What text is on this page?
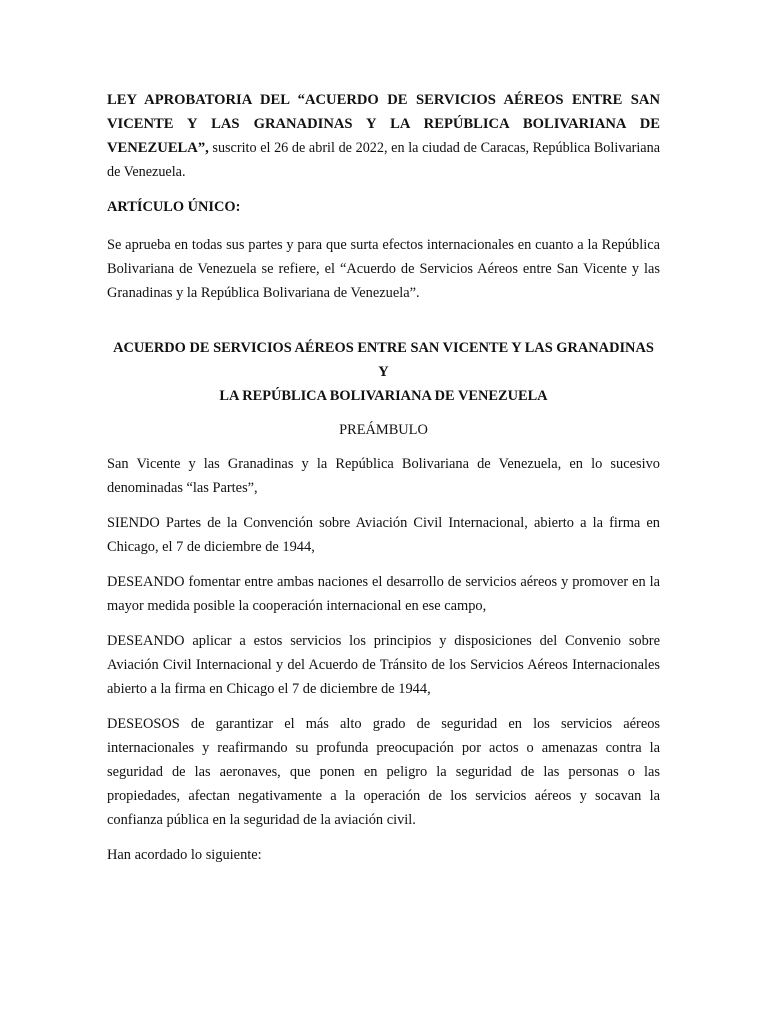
LEY APROBATORIA DEL “ACUERDO DE SERVICIOS AÉREOS ENTRE SAN VICENTE Y LAS GRANADINAS Y LA REPÚBLICA BOLIVARIANA DE VENEZUELA”, suscrito el 26 de abril de 2022, en la ciudad de Caracas, República Bolivariana de Venezuela.

ARTÍCULO ÚNICO:

Se aprueba en todas sus partes y para que surta efectos internacionales en cuanto a la República Bolivariana de Venezuela se refiere, el “Acuerdo de Servicios Aéreos entre San Vicente y las Granadinas y la República Bolivariana de Venezuela”.

ACUERDO DE SERVICIOS AÉREOS ENTRE SAN VICENTE Y LAS GRANADINAS Y
LA REPÚBLICA BOLIVARIANA DE VENEZUELA

PREÁMBULO

San Vicente y las Granadinas y la República Bolivariana de Venezuela, en lo sucesivo denominadas “las Partes”,

SIENDO Partes de la Convención sobre Aviación Civil Internacional, abierto a la firma en Chicago, el 7 de diciembre de 1944,

DESEANDO fomentar entre ambas naciones el desarrollo de servicios aéreos y promover en la mayor medida posible la cooperación internacional en ese campo,

DESEANDO aplicar a estos servicios los principios y disposiciones del Convenio sobre Aviación Civil Internacional y del Acuerdo de Tránsito de los Servicios Aéreos Internacionales abierto a la firma en Chicago el 7 de diciembre de 1944,

DESEOSOS de garantizar el más alto grado de seguridad en los servicios aéreos internacionales y reafirmando su profunda preocupación por actos o amenazas contra la seguridad de las aeronaves, que ponen en peligro la seguridad de las personas o las propiedades, afectan negativamente a la operación de los servicios aéreos y socavan la confianza pública en la seguridad de la aviación civil.

Han acordado lo siguiente:
